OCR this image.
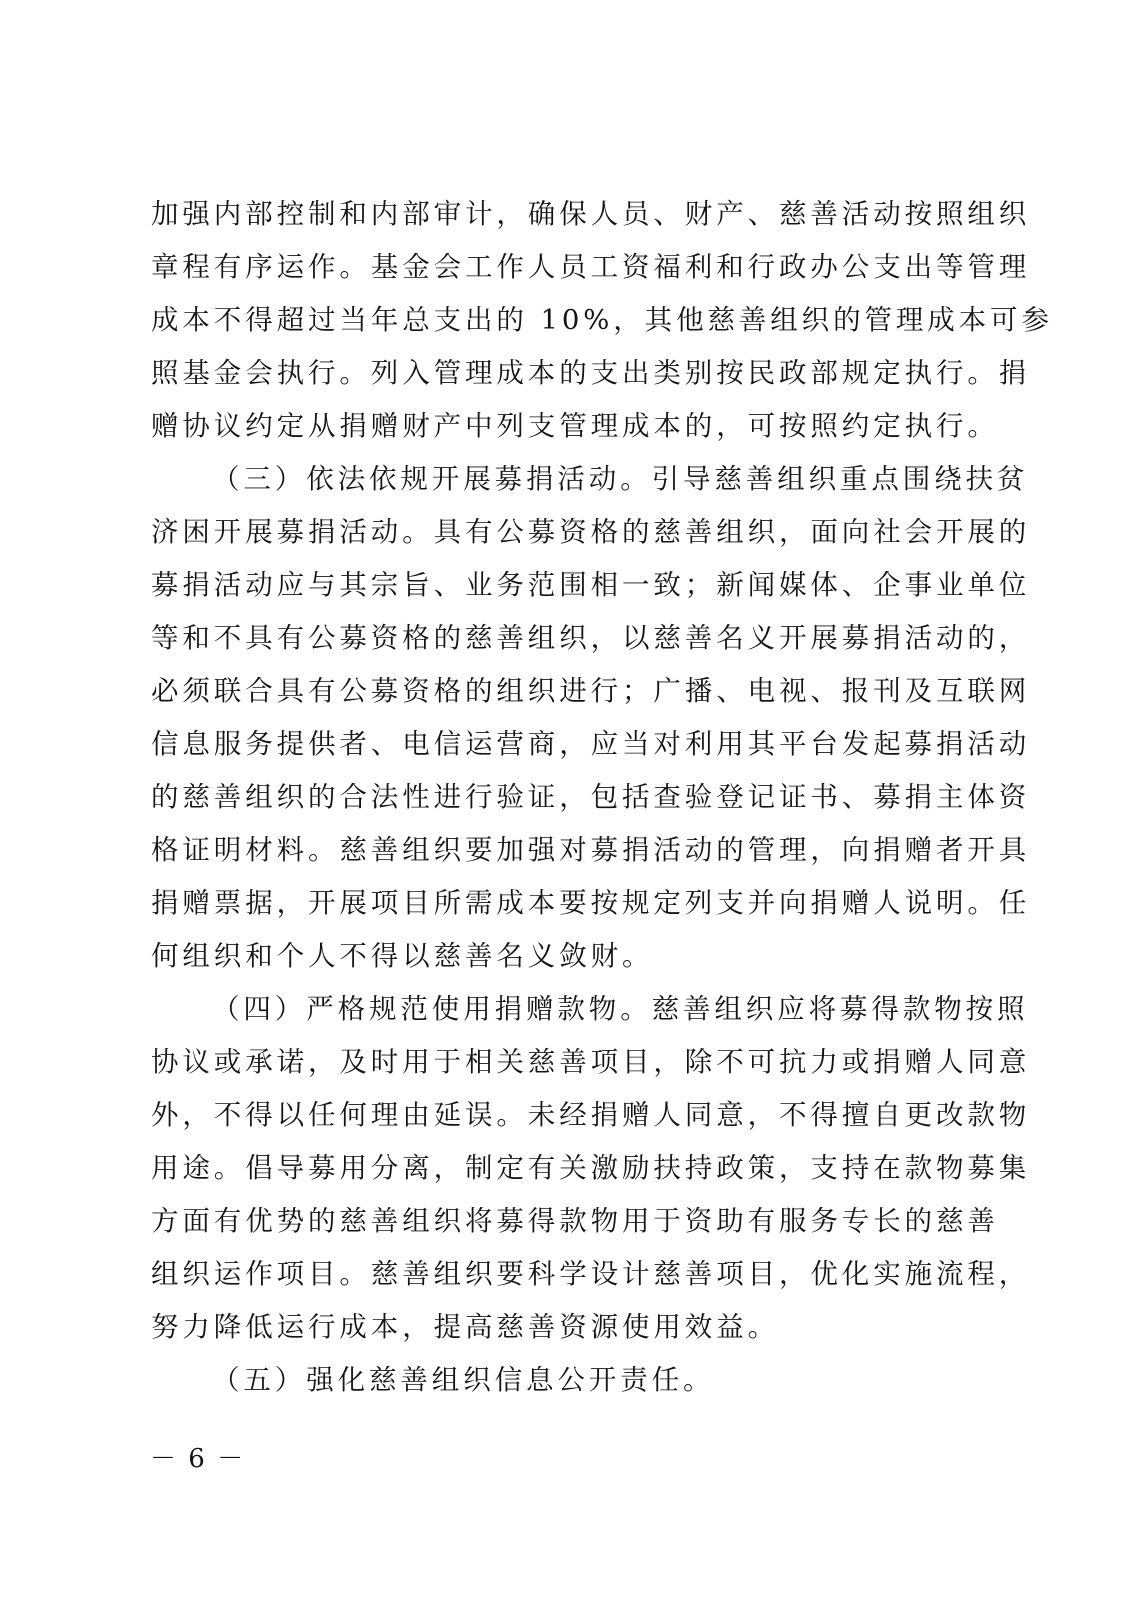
加强内部控制和内部审计，确保人员、财产、慈善活动按照组织
章程有序运作。基金会工作人员工资福利和行政办公支出等管理
成本不得超过当年总支出的 10%，其他慈善组织的管理成本可参
照基金会执行。列入管理成本的支出类别按民政部规定执行。捐
赠协议约定从捐赠财产中列支管理成本的，可按照约定执行。
（三）依法依规开展募捐活动。引导慈善组织重点围绕扶贫
济困开展募捐活动。具有公募资格的慈善组织，面向社会开展的
募捐活动应与其宗旨、业务范围相一致；新闻媒体、企事业单位
等和不具有公募资格的慈善组织，以慈善名义开展募捐活动的，
必须联合具有公募资格的组织进行；广播、电视、报刊及互联网
信息服务提供者、电信运营商，应当对利用其平台发起募捐活动
的慈善组织的合法性进行验证，包括查验登记证书、募捐主体资
格证明材料。慈善组织要加强对募捐活动的管理，向捐赠者开具
捐赠票据，开展项目所需成本要按规定列支并向捐赠人说明。任
何组织和个人不得以慈善名义敛财。
（四）严格规范使用捐赠款物。慈善组织应将募得款物按照
协议或承诺，及时用于相关慈善项目，除不可抗力或捐赠人同意
外，不得以任何理由延误。未经捐赠人同意，不得擅自更改款物
用途。倡导募用分离，制定有关激励扶持政策，支持在款物募集
方面有优势的慈善组织将募得款物用于资助有服务专长的慈善
组织运作项目。慈善组织要科学设计慈善项目，优化实施流程，
努力降低运行成本，提高慈善资源使用效益。
（五）强化慈善组织信息公开责任。
－ 6 －
